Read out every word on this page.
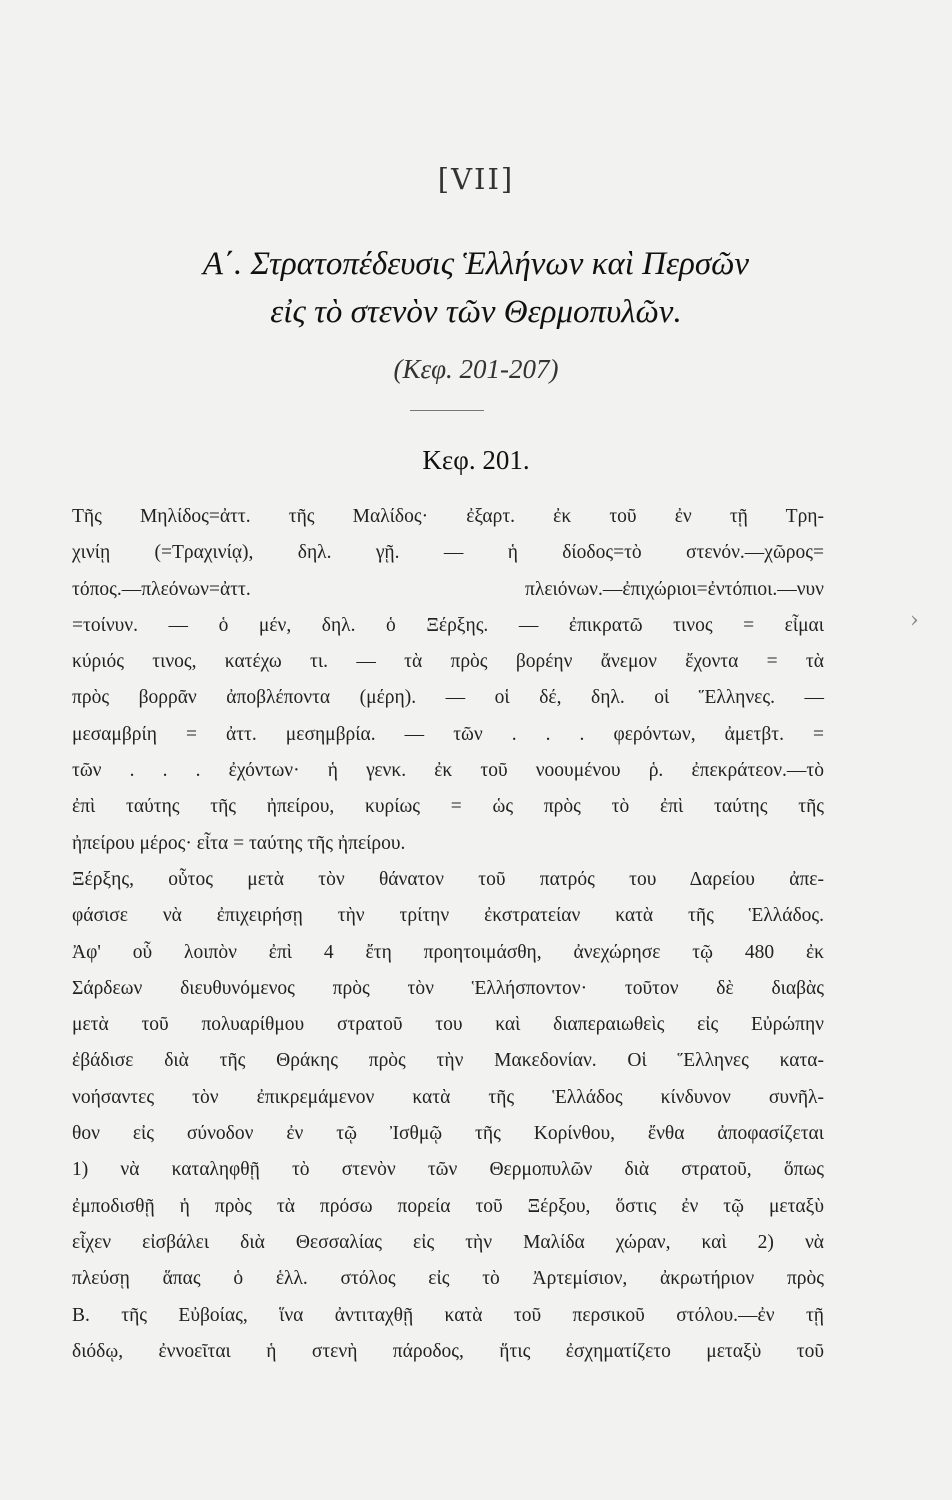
[VII]
Α΄. Στρατοπέδευσις Ἑλλήνων καὶ Περσῶν
εἰς τὸ στενὸν τῶν Θερμοπυλῶν.
(Κεφ. 201-207)
Κεφ. 201.
Τῆς Μηλίδος=ἀττ. τῆς Μαλίδος· ἐξαρτ. ἐκ τοῦ ἐν τῇ Τρη-
χινίῃ (=Τραχινίᾳ), δηλ. γῇ. — ἡ δίοδος=τὸ στενόν.—χῶρος=
τόπος.—πλεόνων=ἀττ. πλειόνων.—ἐπιχώριοι=ἐντόπιοι.—νυν
=τοίνυν. — ὁ μέν, δηλ. ὁ Ξέρξης. — ἐπικρατῶ τινος = εἶμαι
κύριός τινος, κατέχω τι. — τὰ πρὸς βορέην ἄνεμον ἔχοντα = τὰ
πρὸς βορρᾶν ἀποβλέποντα (μέρη). — οἱ δέ, δηλ. οἱ Ἕλληνες. —
μεσαμβρίη = ἀττ. μεσημβρία. — τῶν . . . φερόντων, ἀμετβτ. =
τῶν . . . ἐχόντων· ἡ γενκ. ἐκ τοῦ νοουμένου ῥ. ἐπεκράτεον.—τὸ
ἐπὶ ταύτης τῆς ἠπείρου, κυρίως = ὡς πρὸς τὸ ἐπὶ ταύτης τῆς
ἠπείρου μέρος· εἶτα = ταύτης τῆς ἠπείρου.
Ξέρξης, οὗτος μετὰ τὸν θάνατον τοῦ πατρός του Δαρείου ἀπε-
φάσισε νὰ ἐπιχειρήσῃ τὴν τρίτην ἐκστρατείαν κατὰ τῆς Ἑλλάδος.
Ἀφ' οὗ λοιπὸν ἐπὶ 4 ἔτη προητοιμάσθη, ἀνεχώρησε τῷ 480 ἐκ
Σάρδεων διευθυνόμενος πρὸς τὸν Ἑλλήσποντον· τοῦτον δὲ διαβὰς
μετὰ τοῦ πολυαρίθμου στρατοῦ του καὶ διαπεραιωθεὶς εἰς Εὐρώπην
ἐβάδισε διὰ τῆς Θράκης πρὸς τὴν Μακεδονίαν. Οἱ Ἕλληνες κατα-
νοήσαντες τὸν ἐπικρεμάμενον κατὰ τῆς Ἑλλάδος κίνδυνον συνῆλ-
θον εἰς σύνοδον ἐν τῷ Ἰσθμῷ τῆς Κορίνθου, ἔνθα ἀποφασίζεται
1) νὰ καταληφθῇ τὸ στενὸν τῶν Θερμοπυλῶν διὰ στρατοῦ, ὅπως
ἐμποδισθῇ ἡ πρὸς τὰ πρόσω πορεία τοῦ Ξέρξου, ὅστις ἐν τῷ μεταξὺ
εἶχεν εἰσβάλει διὰ Θεσσαλίας εἰς τὴν Μαλίδα χώραν, καὶ 2) νὰ
πλεύσῃ ἅπας ὁ ἑλλ. στόλος εἰς τὸ Ἀρτεμίσιον, ἀκρωτήριον πρὸς
Β. τῆς Εὐβοίας, ἵνα ἀντιταχθῇ κατὰ τοῦ περσικοῦ στόλου.—ἐν τῇ
διόδῳ, ἐννοεῖται ἡ στενὴ πάροδος, ἥτις ἐσχηματίζετο μεταξὺ τοῦ
›
